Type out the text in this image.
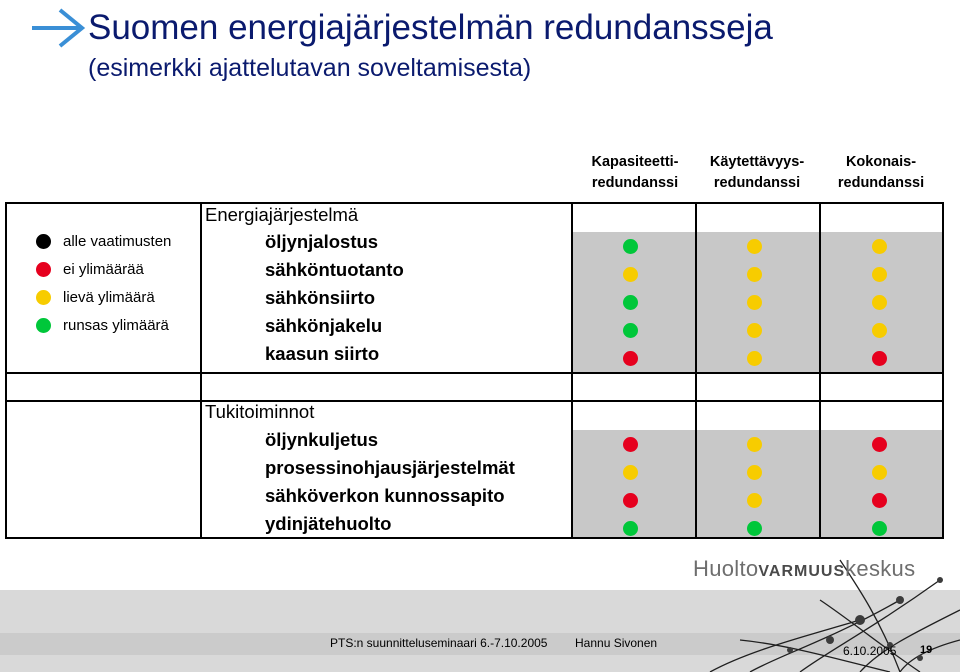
Suomen energiajärjestelmän redundansseja
(esimerkki ajattelutavan soveltamisesta)
Kapasiteetti-
redundanssi
Käytettävyys-
redundanssi
Kokonais-
redundanssi
alle vaatimusten
ei ylimäärää
lievä ylimäärä
runsas ylimäärä
Energiajärjestelmä
öljynjalostus
sähköntuotanto
sähkönsiirto
sähkönjakelu
kaasun siirto
Tukitoiminnot
öljynkuljetus
prosessinohjausjärjestelmät
sähköverkon kunnossapito
ydinjätehuolto
HuoltoVARMUUSkeskus
PTS:n suunnitteluseminaari 6.-7.10.2005 Hannu Sivonen
6.10.2005 19
